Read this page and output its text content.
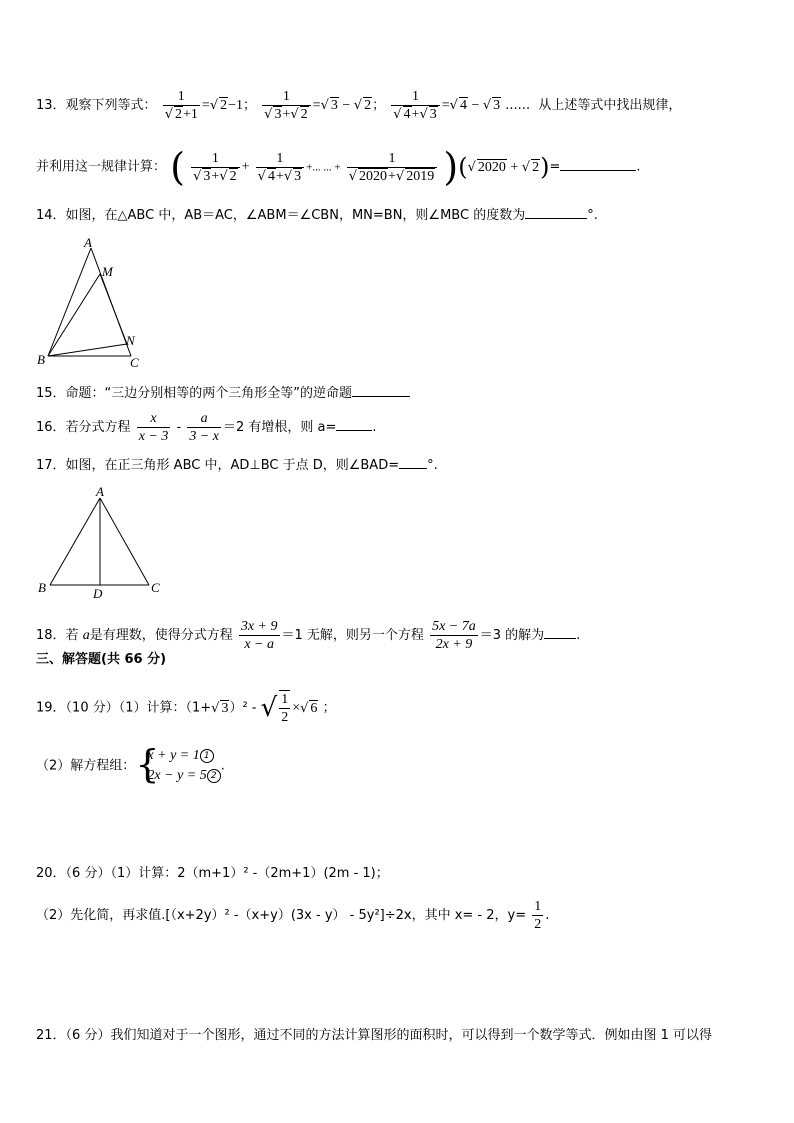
13．观察下列等式： $\frac{1}{√ 2+1}$ =√ 2−1； $\frac{1}{√ 3+√ 2}$ =√ 3 − √ 2； $\frac{1}{√ 4+√ 3}$ =√ 4 − √ 3 ...... 从上述等式中找出规律，
并利用这一规律计算： ( $\frac{1}{√ 3+√ 2} + \frac{1}{√ 4+√ 3}$ +... ... + $\frac{1}{√ 2020+√ 2019}$ )(√ 2020 + √ 2)=	.
14．如图，在△ABC 中，AB＝AC，∠ABM＝∠CBN，MN=BN，则∠MBC 的度数为	°.
A
M
N
B	C
15．命题：“三边分别相等的两个三角形全等”的逆命题
16．若分式方程 $\frac{x}{x - 3} - \frac{a}{3 - x} =2$ 有增根，则 a=	.
17．如图，在正三角形 ABC 中，AD⊥BC 于点 D，则∠BAD= °.
A
B	C
D
18．若 a是有理数，使得分式方程 $\frac{3x + 9}{x - a} =1$ 无解，则另一个方程 $\frac{5x - 7a}{2x + 9} =3$ 的解为 .
三、解答题(共 66 分)
19．（10 分）（1）计算：（1+√ 3）² - √ $\frac{1}{2}$ ×√ 6 ；
（2）解方程组：
{ x + y = 1 1
2x − y = 5 2
.
20．（6 分）（1）计算：2（m+1）² -（2m+1）(2m - 1)；
（2）先化简，再求值.[（x+2y）² -（x+y）(3x - y） - 5y²]÷2x，其中 x= - 2，$y= \frac{1}{2}$ .
21．（6 分）我们知道对于一个图形，通过不同的方法计算图形的面积时，可以得到一个数学等式．例如由图 1 可以得
